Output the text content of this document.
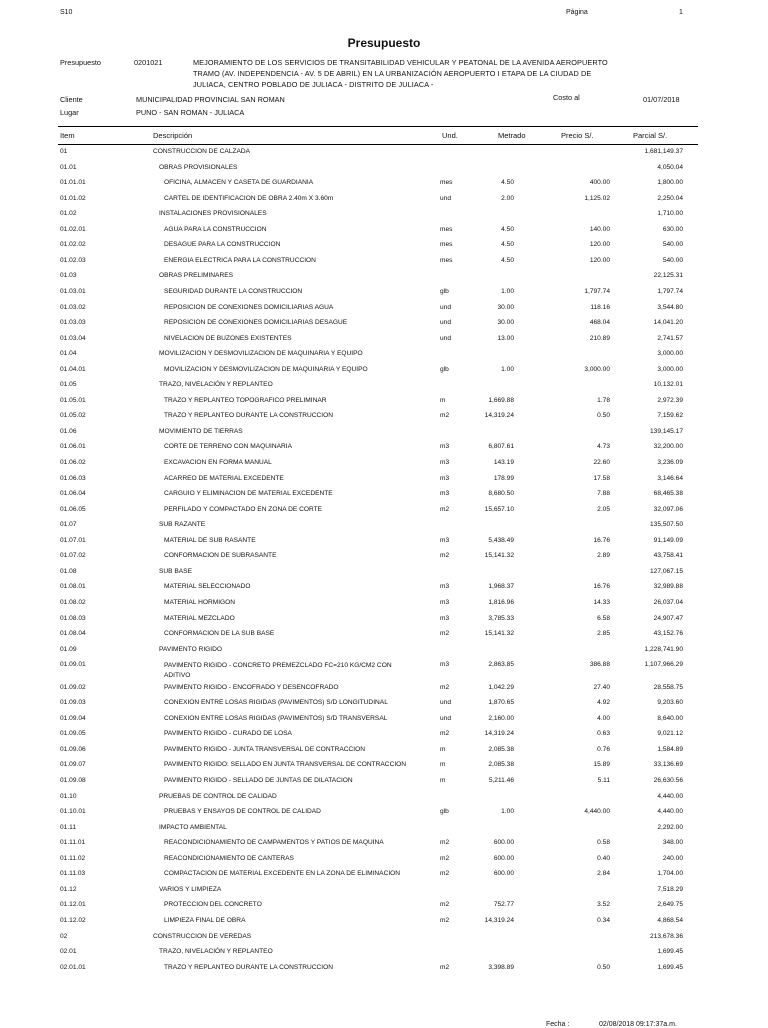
S10	Página	1
Presupuesto
Presupuesto	0201021	MEJORAMIENTO DE LOS SERVICIOS DE TRANSITABILIDAD VEHICULAR Y PEATONAL DE LA AVENIDA AEROPUERTO TRAMO (AV. INDEPENDENCIA - AV. 5 DE ABRIL) EN LA URBANIZACIÓN AEROPUERTO I ETAPA DE LA CIUDAD DE JULIACA, CENTRO POBLADO DE JULIACA - DISTRITO DE JULIACA -
Cliente	MUNICIPALIDAD PROVINCIAL SAN ROMAN	Costo al	01/07/2018
Lugar	PUNO - SAN ROMAN - JULIACA
Item	Descripción	Und.	Metrado	Precio S/.	Parcial S/.
01	CONSTRUCCION DE CALZADA	1,681,149.37
01.01	OBRAS PROVISIONALES	4,050.04
01.01.01	OFICINA, ALMACEN Y CASETA DE GUARDIANIA	mes	4.50	400.00	1,800.00
01.01.02	CARTEL DE IDENTIFICACION DE OBRA 2.40m X 3.60m	und	2.00	1,125.02	2,250.04
01.02	INSTALACIONES PROVISIONALES	1,710.00
01.02.01	AGUA PARA LA CONSTRUCCION	mes	4.50	140.00	630.00
01.02.02	DESAGUE PARA LA CONSTRUCCION	mes	4.50	120.00	540.00
01.02.03	ENERGIA ELECTRICA PARA LA CONSTRUCCION	mes	4.50	120.00	540.00
01.03	OBRAS PRELIMINARES	22,125.31
01.03.01	SEGURIDAD DURANTE LA CONSTRUCCION	glb	1.00	1,797.74	1,797.74
01.03.02	REPOSICION DE CONEXIONES DOMICILIARIAS AGUA	und	30.00	118.16	3,544.80
01.03.03	REPOSICION DE CONEXIONES DOMICILIARIAS DESAGUE	und	30.00	468.04	14,041.20
01.03.04	NIVELACION DE BUZONES EXISTENTES	und	13.00	210.89	2,741.57
01.04	MOVILIZACION Y DESMOVILIZACION DE MAQUINARIA Y EQUIPO	3,000.00
01.04.01	MOVILIZACION Y DESMOVILIZACION DE MAQUINARIA Y EQUIPO	glb	1.00	3,000.00	3,000.00
01.05	TRAZO, NIVELACIÓN Y REPLANTEO	10,132.01
01.05.01	TRAZO Y REPLANTEO TOPOGRAFICO PRELIMINAR	m	1,669.88	1.78	2,972.39
01.05.02	TRAZO Y REPLANTEO DURANTE LA CONSTRUCCION	m2	14,319.24	0.50	7,159.62
01.06	MOVIMIENTO DE TIERRAS	139,145.17
01.06.01	CORTE DE TERRENO CON MAQUINARIA	m3	6,807.61	4.73	32,200.00
01.06.02	EXCAVACION EN FORMA MANUAL	m3	143.19	22.60	3,236.09
01.06.03	ACARREO DE MATERIAL EXCEDENTE	m3	178.99	17.58	3,146.64
01.06.04	CARGUIO Y ELIMINACION DE MATERIAL EXCEDENTE	m3	8,680.50	7.88	68,465.38
01.06.05	PERFILADO Y COMPACTADO EN ZONA DE CORTE	m2	15,657.10	2.05	32,097.06
01.07	SUB RAZANTE	135,507.50
01.07.01	MATERIAL DE SUB RASANTE	m3	5,438.49	16.76	91,149.09
01.07.02	CONFORMACION DE SUBRASANTE	m2	15,141.32	2.89	43,758.41
01.08	SUB BASE	127,067.15
01.08.01	MATERIAL SELECCIONADO	m3	1,968.37	16.76	32,989.88
01.08.02	MATERIAL HORMIGON	m3	1,816.96	14.33	26,037.04
01.08.03	MATERIAL MEZCLADO	m3	3,785.33	6.58	24,907.47
01.08.04	CONFORMACION DE LA SUB BASE	m2	15,141.32	2.85	43,152.76
01.09	PAVIMENTO RIGIDO	1,228,741.90
01.09.01	PAVIMENTO RIGIDO - CONCRETO PREMEZCLADO FC=210 KG/CM2 CON ADITIVO
m3	2,863.85	386.88	1,107,966.29
01.09.02	PAVIMENTO RIGIDO - ENCOFRADO Y DESENCOFRADO	m2	1,042.29	27.40	28,558.75
01.09.03	CONEXION ENTRE LOSAS RIGIDAS (PAVIMENTOS) S/D LONGITUDINAL	und	1,870.65	4.92	9,203.60
01.09.04	CONEXION ENTRE LOSAS RIGIDAS (PAVIMENTOS) S/D TRANSVERSAL	und	2,160.00	4.00	8,640.00
01.09.05	PAVIMENTO RIGIDO - CURADO DE LOSA	m2	14,319.24	0.63	9,021.12
01.09.06	PAVIMENTO RIGIDO - JUNTA TRANSVERSAL DE CONTRACCION	m	2,085.38	0.76	1,584.89
01.09.07	PAVIMENTO RIGIDO: SELLADO EN JUNTA TRANSVERSAL DE CONTRACCION	m	2,085.38	15.89	33,136.69
01.09.08	PAVIMENTO RIGIDO - SELLADO DE JUNTAS DE DILATACION	m	5,211.46	5.11	26,630.56
01.10	PRUEBAS DE CONTROL DE CALIDAD	4,440.00
01.10.01	PRUEBAS Y ENSAYOS DE CONTROL DE CALIDAD	glb	1.00	4,440.00	4,440.00
01.11	IMPACTO AMBIENTAL	2,292.00
01.11.01	REACONDICIONAMIENTO DE CAMPAMENTOS Y PATIOS DE MAQUINA	m2	600.00	0.58	348.00
01.11.02	REACONDICIONAMIENTO DE CANTERAS	m2	600.00	0.40	240.00
01.11.03	COMPACTACION DE MATERIAL EXCEDENTE EN LA ZONA DE ELIMINACION	m2	600.00	2.84	1,704.00
01.12	VARIOS Y LIMPIEZA	7,518.29
01.12.01	PROTECCION DEL CONCRETO	m2	752.77	3.52	2,649.75
01.12.02	LIMPIEZA FINAL DE OBRA	m2	14,319.24	0.34	4,868.54
02	CONSTRUCCION DE VEREDAS	213,678.36
02.01	TRAZO, NIVELACIÓN Y REPLANTEO	1,699.45
02.01.01	TRAZO Y REPLANTEO DURANTE LA CONSTRUCCION	m2	3,398.89	0.50	1,699.45
Fecha :	02/08/2018 09:17:37a.m.
